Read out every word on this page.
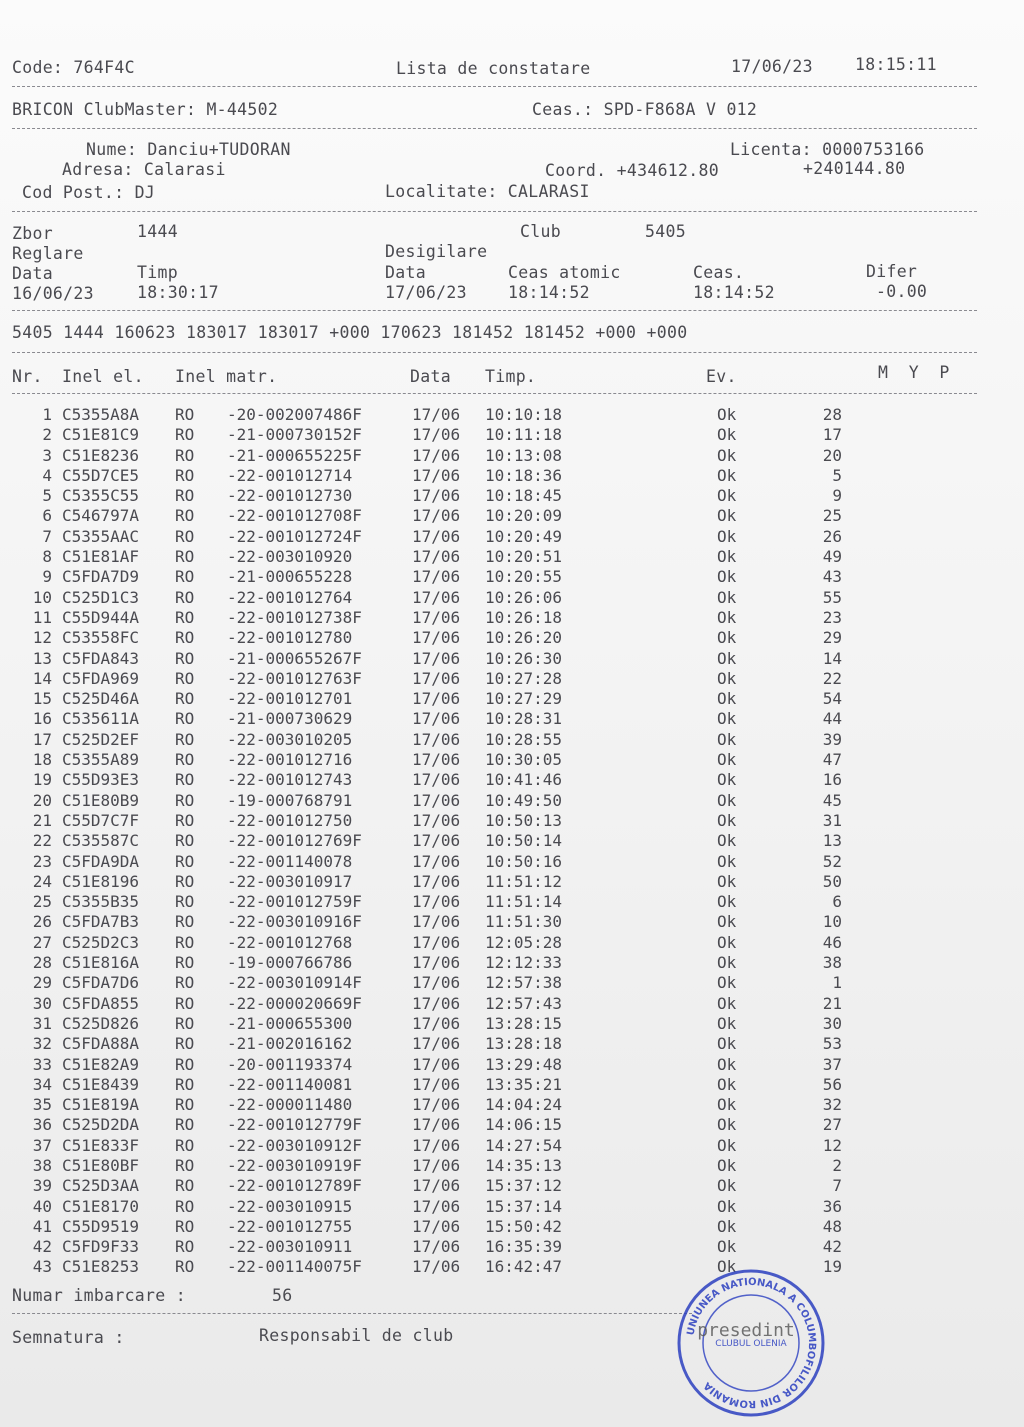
Code: 764F4C	Lista de constatare	17/06/23	18:15:11
BRICON ClubMaster: M-44502	Ceas.: SPD-F868A V 012
Nume: Danciu+TUDORAN	Licenta: 0000753166
Adresa: Calarasi	Coord. +434612.80	+240144.80
Cod Post.: DJ	Localitate: CALARASI
Zbor	1444	Club	5405
Reglare	Desigilare
Data	Timp	Data	Ceas atomic	Ceas.	Difer
16/06/23	18:30:17	17/06/23 18:14:52	18:14:52	-0.00
5405 1444 160623 183017 183017 +000 170623 181452 181452 +000 +000
Nr. Inel el. Inel matr.	Data Timp.	Ev.	M  Y  P
1 C5355A8A RO -20-002007486F	17/06 10:10:18	Ok	28
2 C51E81C9 RO -21-000730152F	17/06 10:11:18	Ok	17
3 C51E8236 RO -21-000655225F	17/06 10:13:08	Ok	20
4 C55D7CE5 RO -22-001012714	17/06 10:18:36	Ok	5
5 C5355C55 RO -22-001012730	17/06 10:18:45	Ok	9
6 C546797A RO -22-001012708F	17/06 10:20:09	Ok	25
7 C5355AAC RO -22-001012724F	17/06 10:20:49	Ok	26
8 C51E81AF RO -22-003010920	17/06 10:20:51	Ok	49
9 C5FDA7D9 RO -21-000655228	17/06 10:20:55	Ok	43
10 C525D1C3 RO -22-001012764	17/06 10:26:06	Ok	55
11 C55D944A RO -22-001012738F	17/06 10:26:18	Ok	23
12 C53558FC RO -22-001012780	17/06 10:26:20	Ok	29
13 C5FDA843 RO -21-000655267F	17/06 10:26:30	Ok	14
14 C5FDA969 RO -22-001012763F	17/06 10:27:28	Ok	22
15 C525D46A RO -22-001012701	17/06 10:27:29	Ok	54
16 C535611A RO -21-000730629	17/06 10:28:31	Ok	44
17 C525D2EF RO -22-003010205	17/06 10:28:55	Ok	39
18 C5355A89 RO -22-001012716	17/06 10:30:05	Ok	47
19 C55D93E3 RO -22-001012743	17/06 10:41:46	Ok	16
20 C51E80B9 RO -19-000768791	17/06 10:49:50	Ok	45
21 C55D7C7F RO -22-001012750	17/06 10:50:13	Ok	31
22 C535587C RO -22-001012769F	17/06 10:50:14	Ok	13
23 C5FDA9DA RO -22-001140078	17/06 10:50:16	Ok	52
24 C51E8196 RO -22-003010917	17/06 11:51:12	Ok	50
25 C5355B35 RO -22-001012759F	17/06 11:51:14	Ok	6
26 C5FDA7B3 RO -22-003010916F	17/06 11:51:30	Ok	10
27 C525D2C3 RO -22-001012768	17/06 12:05:28	Ok	46
28 C51E816A RO -19-000766786	17/06 12:12:33	Ok	38
29 C5FDA7D6 RO -22-003010914F	17/06 12:57:38	Ok	1
30 C5FDA855 RO -22-000020669F	17/06 12:57:43	Ok	21
31 C525D826 RO -21-000655300	17/06 13:28:15	Ok	30
32 C5FDA88A RO -21-002016162	17/06 13:28:18	Ok	53
33 C51E82A9 RO -20-001193374	17/06 13:29:48	Ok	37
34 C51E8439 RO -22-001140081	17/06 13:35:21	Ok	56
35 C51E819A RO -22-000011480	17/06 14:04:24	Ok	32
36 C525D2DA RO -22-001012779F	17/06 14:06:15	Ok	27
37 C51E833F RO -22-003010912F	17/06 14:27:54	Ok	12
38 C51E80BF RO -22-003010919F	17/06 14:35:13	Ok	2
39 C525D3AA RO -22-001012789F	17/06 15:37:12	Ok	7
40 C51E8170 RO -22-003010915	17/06 15:37:14	Ok	36
41 C55D9519 RO -22-001012755	17/06 15:50:42	Ok	48
42 C5FD9F33 RO -22-003010911	17/06 16:35:39	Ok	42
43 C51E8253 RO -22-001140075F	17/06 16:42:47	Ok	19
Numar imbarcare :	56
Semnatura :	Responsabil de club	UNIUNEA NATIONALA A COLUMBOFILILOR DIN ROMANIA
CLUBUL OLENIA
presedint
